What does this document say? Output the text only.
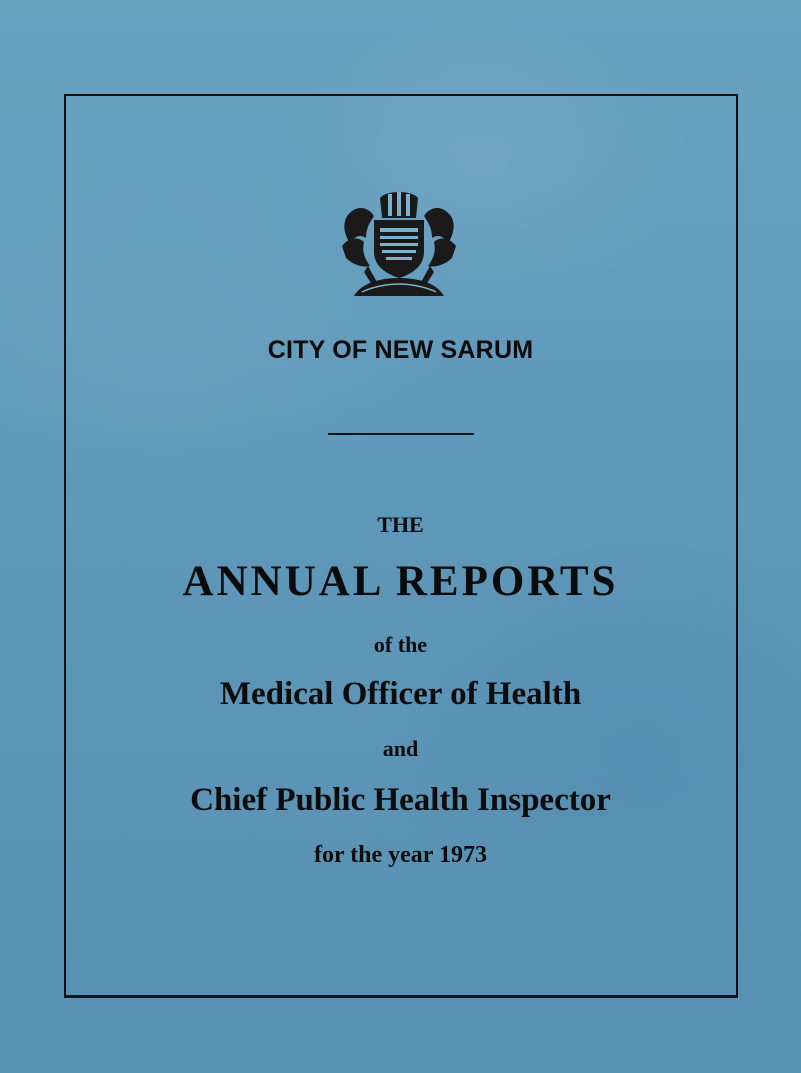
CITY OF NEW SARUM
THE
ANNUAL REPORTS
of the
Medical Officer of Health
and
Chief Public Health Inspector
for the year 1973
